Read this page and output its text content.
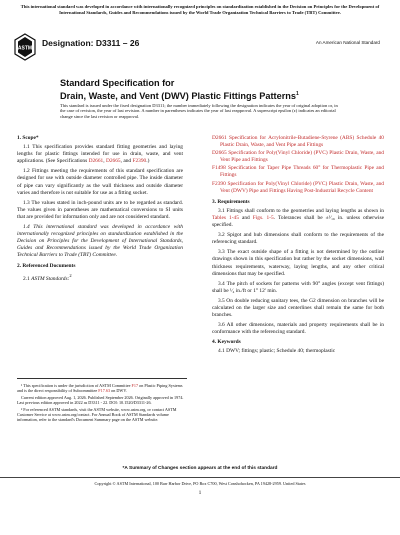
This international standard was developed in accordance with internationally recognized principles on standardization established in the Decision on Principles for the Development of International Standards, Guides and Recommendations issued by the World Trade Organization Technical Barriers to Trade (TBT) Committee.
ASTM
Designation: D3311 – 26	An American National Standard
Standard Specification for
Drain, Waste, and Vent (DWV) Plastic Fittings Patterns$^1$
This standard is issued under the fixed designation D3311; the number immediately following the designation indicates the year of original adoption or, in the case of revision, the year of last revision. A number in parentheses indicates the year of last reapproval. A superscript epsilon (ε) indicates an editorial change since the last revision or reapproval.
1. Scope*

1.1 This specification provides standard fitting geometries and laying lengths for plastic fittings intended for use in drain, waste, and vent applications. (See Specifications D2661, D2665, and F2390.)

1.2 Fittings meeting the requirements of this standard specification are designed for use with outside diameter controlled pipe. The inside diameter of pipe can vary significantly as the wall thickness and outside diameter varies and therefore is not suitable for use as a fitting socket.

1.3 The values stated in inch-pound units are to be regarded as standard. The values given in parentheses are mathematical conversions to SI units that are provided for information only and are not considered standard.

1.4 This international standard was developed in accordance with internationally recognized principles on standardization established in the Decision on Principles for the Development of International Standards, Guides and Recommendations issued by the World Trade Organization Technical Barriers to Trade (TBT) Committee.

2. Referenced Documents

2.1 ASTM Standards:$^2$

¹ This specification is under the jurisdiction of ASTM Committee F17 on Plastic Piping Systems and is the direct responsibility of Subcommittee F17.63 on DWV.

Current edition approved Aug. 1, 2026. Published September 2026. Originally approved in 1974. Last previous edition approved in 2022 as D3311 - 22. DOI: 10.1520/D3311-26.

² For referenced ASTM standards, visit the ASTM website, www.astm.org, or contact ASTM Customer Service at www.astm.org/contact. For Annual Book of ASTM Standards volume information, refer to the standard's Document Summary page on the ASTM website.

D2661 Specification for Acrylonitrile-Butadiene-Styrene (ABS) Schedule 40 Plastic Drain, Waste, and Vent Pipe and Fittings

D2665 Specification for Poly(Vinyl Chloride) (PVC) Plastic Drain, Waste, and Vent Pipe and Fittings

F1498 Specification for Taper Pipe Threads 60° for Thermoplastic Pipe and Fittings

F2390 Specification for Poly(Vinyl Chloride) (PVC) Plastic Drain, Waste, and Vent (DWV) Pipe and Fittings Having Post-Industrial Recycle Content

3. Requirements

3.1 Fittings shall conform to the geometries and laying lengths as shown in Tables 1-45 and Figs. 1-5. Tolerances shall be ±¹⁄₁₆ in. unless otherwise specified.

3.2 Spigot and hub dimensions shall conform to the requirements of the referencing standard.

3.3 The exact outside shape of a fitting is not determined by the outline drawings shown in this specification but rather by the socket dimensions, wall thickness requirements, waterway, laying lengths, and any other critical dimensions that may be specified.

3.4 The pitch of sockets for patterns with 90° angles (except vent fittings) shall be ¹⁄₄ in./ft or 1° 12′ min.

3.5 On double reducing sanitary tees, the G2 dimension on branches will be calculated on the larger size and centerlines shall remain the same for both branches.

3.6 All other dimensions, materials and property requirements shall be in conformance with the referencing standard.

4. Keywords

4.1 DWV; fittings; plastic; Schedule 40; thermoplastic

*A Summary of Changes section appears at the end of this standard
Copyright © ASTM International, 100 Barr Harbor Drive, PO Box C700, West Conshohocken, PA 19428-2959. United States
1
